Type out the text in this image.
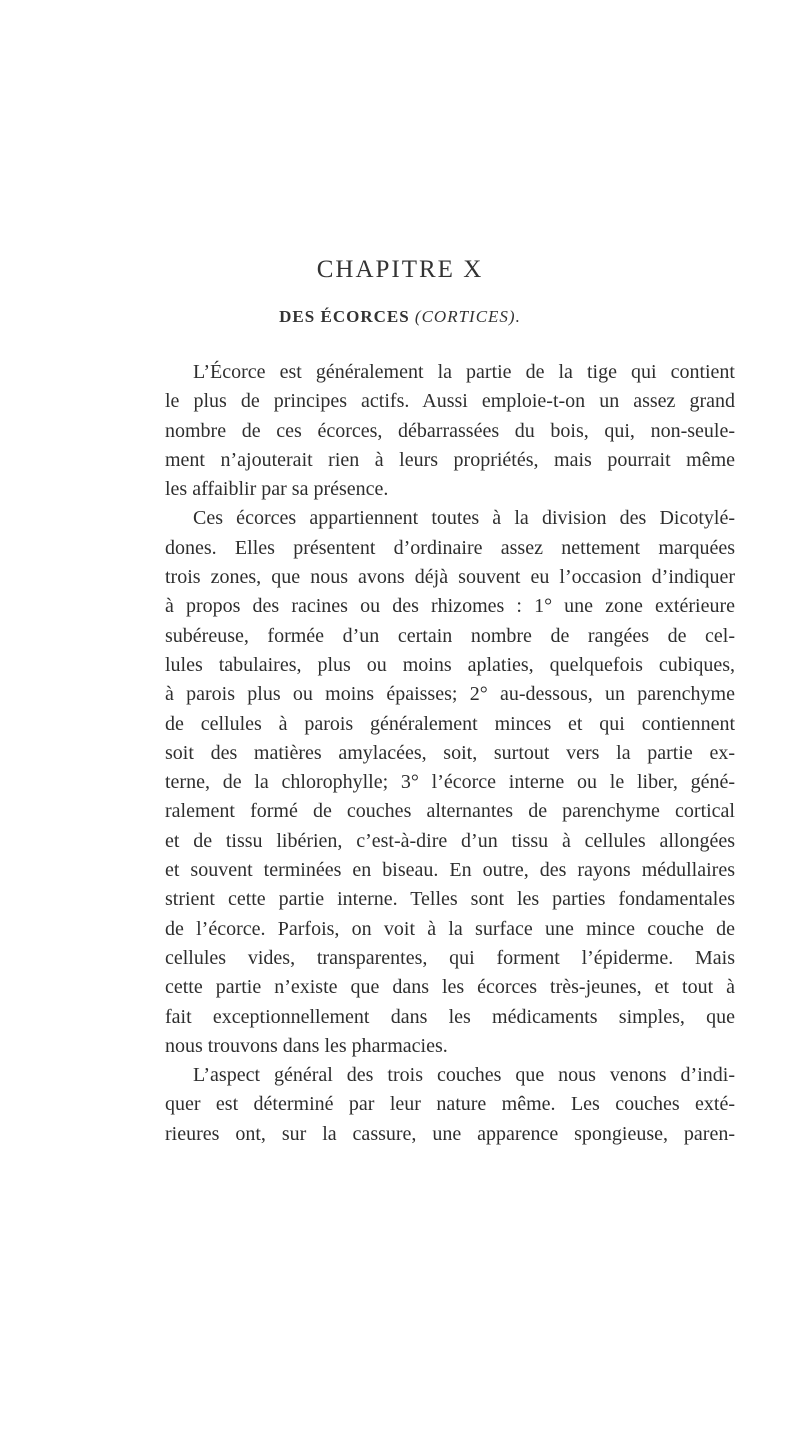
CHAPITRE X
DES ÉCORCES (CORTICES).
L’Écorce est généralement la partie de la tige qui contient
le plus de principes actifs. Aussi emploie-t-on un assez grand
nombre de ces écorces, débarrassées du bois, qui, non-seule-
ment n’ajouterait rien à leurs propriétés, mais pourrait même
les affaiblir par sa présence.
Ces écorces appartiennent toutes à la division des Dicotylé-
dones. Elles présentent d’ordinaire assez nettement marquées
trois zones, que nous avons déjà souvent eu l’occasion d’indiquer
à propos des racines ou des rhizomes : 1° une zone extérieure
subéreuse, formée d’un certain nombre de rangées de cel-
lules tabulaires, plus ou moins aplaties, quelquefois cubiques,
à parois plus ou moins épaisses; 2° au-dessous, un parenchyme
de cellules à parois généralement minces et qui contiennent
soit des matières amylacées, soit, surtout vers la partie ex-
terne, de la chlorophylle; 3° l’écorce interne ou le liber, géné-
ralement formé de couches alternantes de parenchyme cortical
et de tissu libérien, c’est-à-dire d’un tissu à cellules allongées
et souvent terminées en biseau. En outre, des rayons médullaires
strient cette partie interne. Telles sont les parties fondamentales
de l’écorce. Parfois, on voit à la surface une mince couche de
cellules vides, transparentes, qui forment l’épiderme. Mais
cette partie n’existe que dans les écorces très-jeunes, et tout à
fait exceptionnellement dans les médicaments simples, que
nous trouvons dans les pharmacies.
L’aspect général des trois couches que nous venons d’indi-
quer est déterminé par leur nature même. Les couches exté-
rieures ont, sur la cassure, une apparence spongieuse, paren-
